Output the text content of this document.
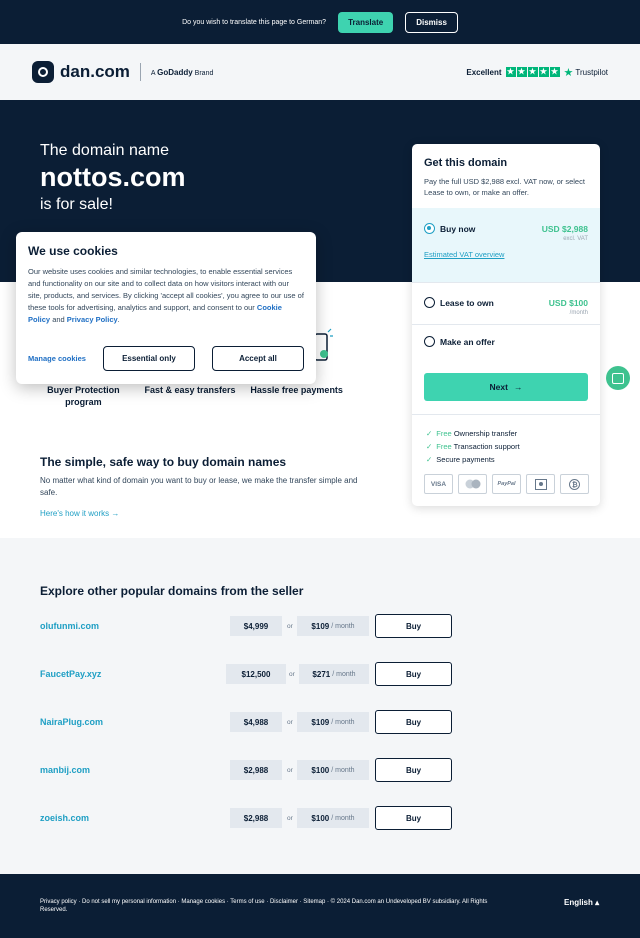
Do you wish to translate this page to German?	Translate	Dismiss
dan.com	A GoDaddy Brand	Excellent ★ ★ ★ ★ ★ ★ Trustpilot
The domain name
nottos.com
is for sale!
Buyer Protection program
Fast & easy transfers	Hassle free payments
The simple, safe way to buy domain names

No matter what kind of domain you want to buy or lease, we make the transfer simple and safe.

Here's how it works →
We use cookies

Our website uses cookies and similar technologies, to enable essential services and functionality on our site and to collect data on how visitors interact with our site, products, and services. By clicking 'accept all cookies', you agree to our use of these tools for advertising, analytics and support, and consent to our Cookie Policy and Privacy Policy.

Manage cookies	Essential only	Accept all
Get this domain
Pay the full USD $2,988 excl. VAT now, or select Lease to own, or make an offer.
Buy now	USD $2,988
excl. VAT
Estimated VAT overview
Lease to own	USD $100
/month
Make an offer
Next →
✓ Free Ownership transfer
✓ Free Transaction support
✓ Secure payments
VISA	PayPal	₿
Explore other popular domains from the seller
olufunmi.com	$4,999	or $109 / month	Buy
FaucetPay.xyz	$12,500	or $271 / month	Buy
NairaPlug.com	$4,988	or $109 / month	Buy
manbij.com	$2,988	or $100 / month	Buy
zoeish.com	$2,988	or $100 / month	Buy
Privacy policy · Do not sell my personal information · Manage cookies · Terms of use · Disclaimer · Sitemap · © 2024 Dan.com an Undeveloped BV subsidiary. All Rights Reserved.
English ▴
